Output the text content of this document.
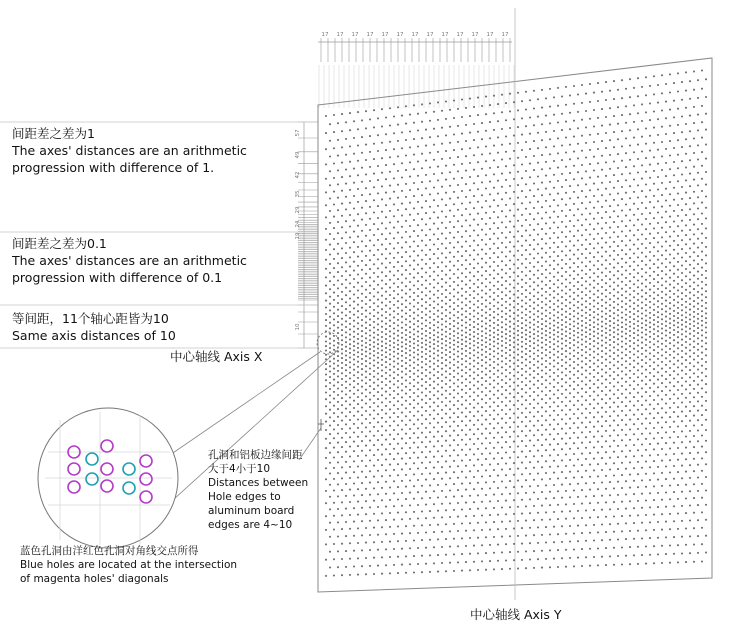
17 17 17 17 17 17 17 17 17 17 17 17 17
57
49
42
35
29
24
19
10
间距差之差为1
The axes' distances are an arithmetic
progression with difference of 1.
间距差之差为0.1
The axes' distances are an arithmetic
progression with difference of 0.1
等间距，11个轴心距皆为10
Same axis distances of 10
中心轴线 Axis X
中心轴线 Axis Y
孔洞和铝板边缘间距
大于4小于10
Distances between
Hole edges to
aluminum board
edges are 4~10
蓝色孔洞由洋红色孔洞对角线交点所得
Blue holes are located at the intersection
of magenta holes' diagonals
